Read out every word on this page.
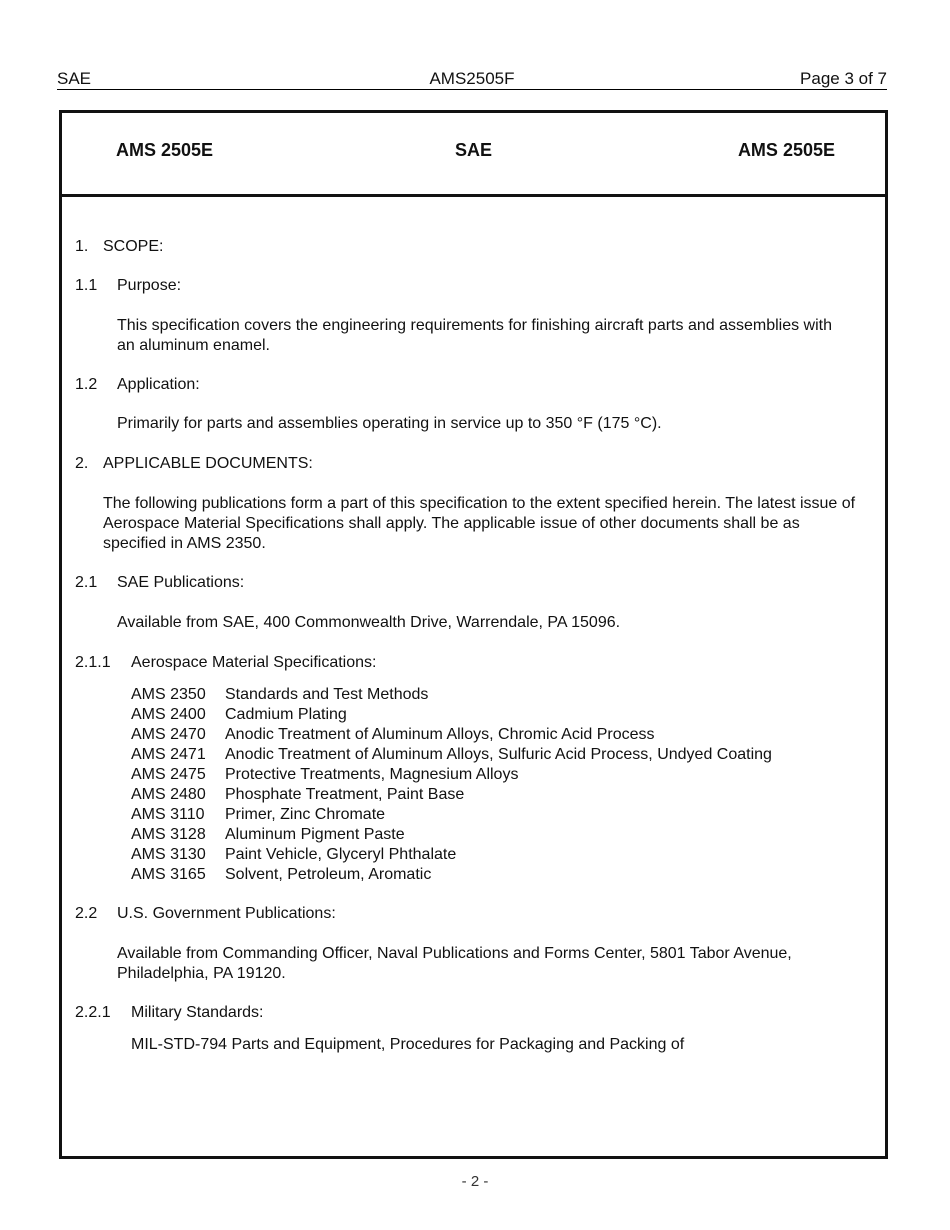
SAE	AMS2505F	Page 3 of 7
AMS 2505E	SAE	AMS 2505E
1. SCOPE:
1.1 Purpose:
This specification covers the engineering requirements for finishing aircraft parts and assemblies with an aluminum enamel.
1.2 Application:
Primarily for parts and assemblies operating in service up to 350 °F (175 °C).
2. APPLICABLE DOCUMENTS:
The following publications form a part of this specification to the extent specified herein. The latest issue of Aerospace Material Specifications shall apply. The applicable issue of other documents shall be as specified in AMS 2350.
2.1 SAE Publications:
Available from SAE, 400 Commonwealth Drive, Warrendale, PA 15096.
2.1.1 Aerospace Material Specifications:
AMS 2350 Standards and Test Methods
AMS 2400 Cadmium Plating
AMS 2470 Anodic Treatment of Aluminum Alloys, Chromic Acid Process
AMS 2471 Anodic Treatment of Aluminum Alloys, Sulfuric Acid Process, Undyed Coating
AMS 2475 Protective Treatments, Magnesium Alloys
AMS 2480 Phosphate Treatment, Paint Base
AMS 3110 Primer, Zinc Chromate
AMS 3128 Aluminum Pigment Paste
AMS 3130 Paint Vehicle, Glyceryl Phthalate
AMS 3165 Solvent, Petroleum, Aromatic
2.2 U.S. Government Publications:
Available from Commanding Officer, Naval Publications and Forms Center, 5801 Tabor Avenue, Philadelphia, PA 19120.
2.2.1 Military Standards:
MIL-STD-794 Parts and Equipment, Procedures for Packaging and Packing of
- 2 -
